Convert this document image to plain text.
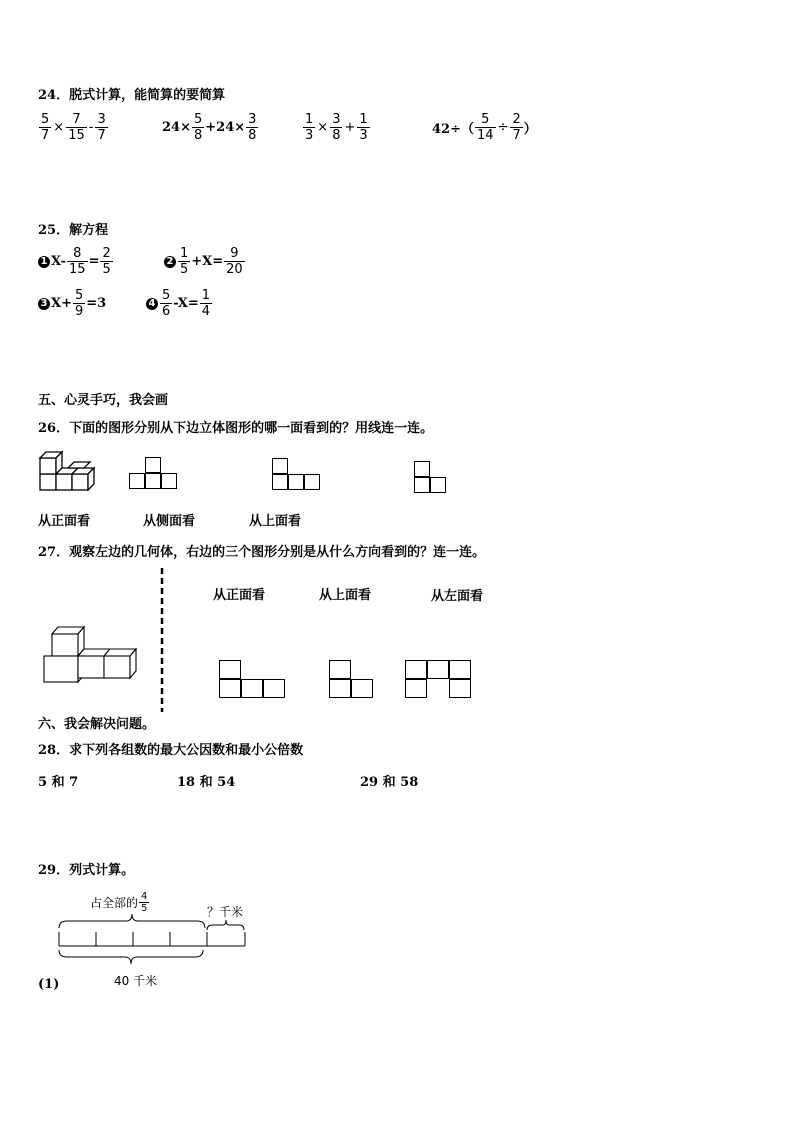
24．脱式计算，能简算的要简算
$\frac{5}{7} \times \frac{7}{15} - \frac{3}{7}$	$24\times \frac{5}{8} +24\times \frac{3}{8}$	$\frac{1}{3} \times \frac{3}{8} + \frac{1}{3}$	$42\div( \frac{5}{14} \div \frac{2}{7}$ ）
25．解方程
1 $X- \frac{8}{15} = \frac{2}{5}$	$2 \frac{1}{5} +X= \frac{9}{20}$
3 $X+ \frac{5}{9} =3$	$4 \frac{5}{6} -X= \frac{1}{4}$
五、心灵手巧，我会画
26．下面的图形分别从下边立体图形的哪一面看到的？用线连一连。
从正面看	从侧面看	从上面看
27．观察左边的几何体，右边的三个图形分别是从什么方向看到的？连一连。
从正面看	从上面看	从左面看
六、我会解决问题。
28．求下列各组数的最大公因数和最小公倍数
5 和 7	18 和 54	29 和 58
29．列式计算。
占全部的 $\frac{4}{5}$	？千米
40 千米
(1)
